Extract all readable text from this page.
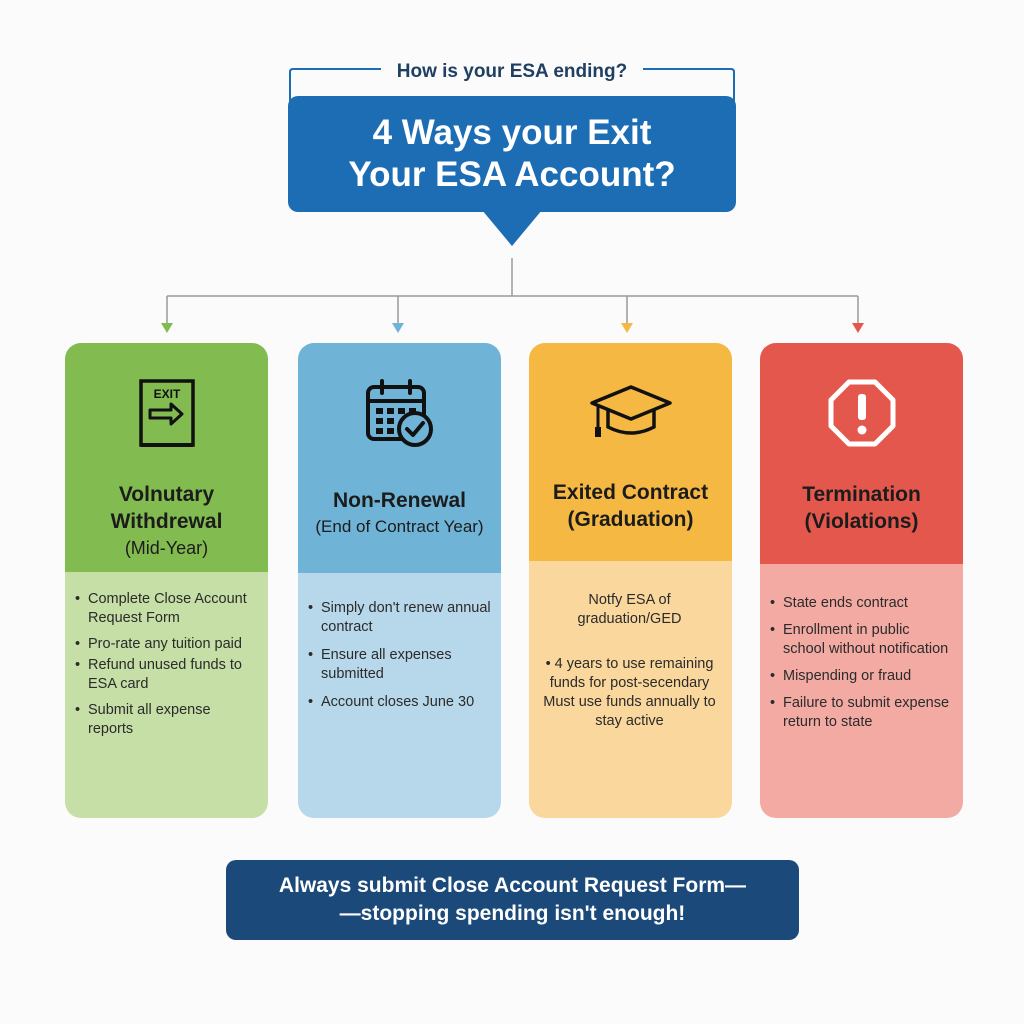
How is your ESA ending?
4 Ways your Exit
Your ESA Account?
EXIT
Volnutary
Withdrewal
(Mid-Year)
• Complete Close Account Request Form
• Pro-rate any tuition paid
• Refund unused funds to ESA card
• Submit all expense reports
Non-Renewal
(End of Contract Year)
• Simply don't renew annual contract
• Ensure all expenses submitted
• Account closes June 30
Exited Contract
(Graduation)
Notfy ESA of graduation/GED
• 4 years to use remaining funds for post-secendary Must use funds annually to stay active
Termination
(Violations)
• State ends contract
• Enrollment in public school without notification
• Mispending or fraud
• Failure to submit expense return to state
Always submit Close Account Request Form—
—stopping spending isn't enough!
